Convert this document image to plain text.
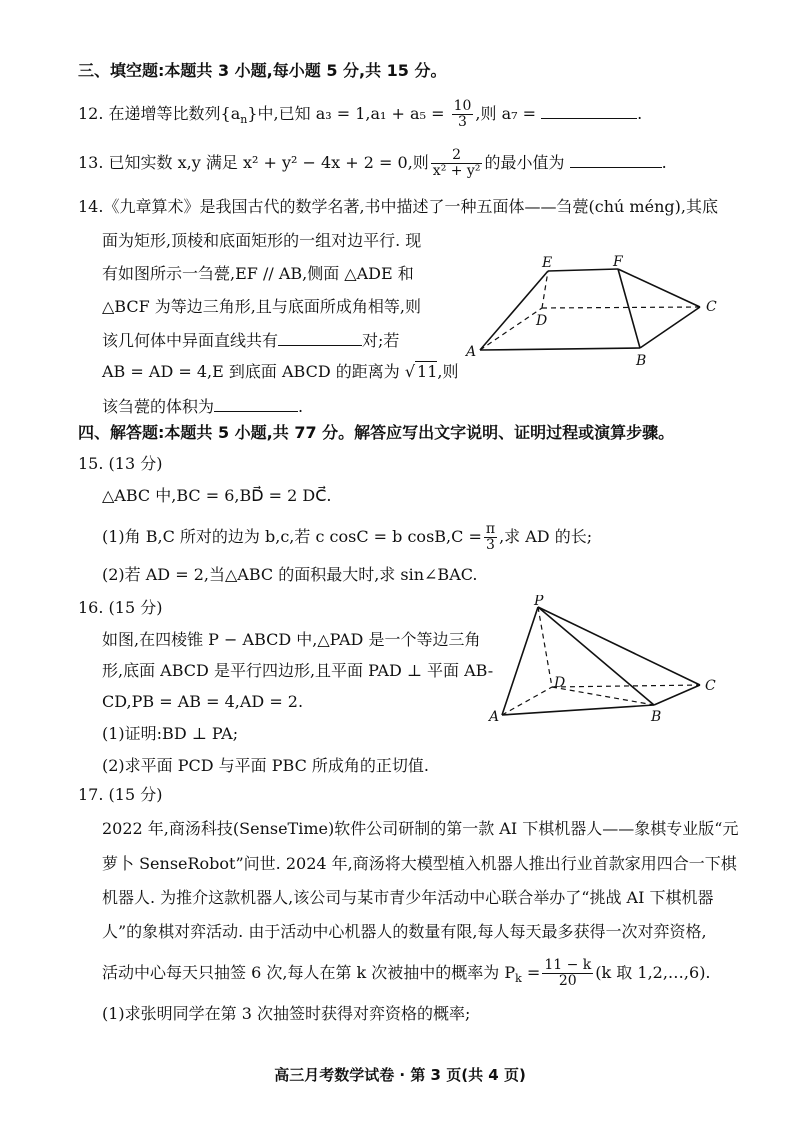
三、填空题:本题共 3 小题,每小题 5 分,共 15 分。
12. 在递增等比数列$\{a_n\}$中,已知 $a_3 = 1,a_1 + a_5 = \frac{10}{3}$ ,则 a₇ =	.
13. 已知实数 x,y 满足 x² + y² − 4x + 2 = 0,则 $\frac{2}{\text{x² + y²}}$ 的最小值为	.
14.《九章算术》是我国古代的数学名著,书中描述了一种五面体——刍甍(chú méng),其底
面为矩形,顶棱和底面矩形的一组对边平行. 现
有如图所示一刍甍,EF // AB,侧面 △ADE 和
△BCF 为等边三角形,且与底面所成角相等,则
该几何体中异面直线共有	对;若
AB = AD = 4,E 到底面 ABCD 的距离为 √ 11,则
该刍甍的体积为	.
E	F
C
D
A
B
四、解答题:本题共 5 小题,共 77 分。解答应写出文字说明、证明过程或演算步骤。
15. (13 分)
△ABC 中,BC = 6,BD⃗ = 2 DC⃗.
(1)角 B,C 所对的边为 b,c,若 c cosC = b $\cos B,C = \frac{\pi}{3}$ ,求 AD 的长;
(2)若 AD = 2,当△ABC 的面积最大时,求 sin∠BAC.
16. (15 分)
如图,在四棱锥 P − ABCD 中,△PAD 是一个等边三角
形,底面 ABCD 是平行四边形,且平面 PAD ⊥ 平面 AB-
CD,PB = AB = 4,AD = 2.
(1)证明:BD ⊥ PA;
(2)求平面 PCD 与平面 PBC 所成角的正切值.
P
D	C
A	B
17. (15 分)
2022 年,商汤科技(SenseTime)软件公司研制的第一款 AI 下棋机器人——象棋专业版“元
萝卜 SenseRobot”问世. 2024 年,商汤将大模型植入机器人推出行业首款家用四合一下棋
机器人. 为推介这款机器人,该公司与某市青少年活动中心联合举办了“挑战 AI 下棋机器
人”的象棋对弈活动. 由于活动中心机器人的数量有限,每人每天最多获得一次对弈资格,
活动中心每天只抽签 6 次,每人在第 k 次被抽中的概率为 $P_k = \frac{11 - k}{20} (k$ 取 1,2,…,6).
(1)求张明同学在第 3 次抽签时获得对弈资格的概率;
高三月考数学试卷 · 第 3 页(共 4 页)
